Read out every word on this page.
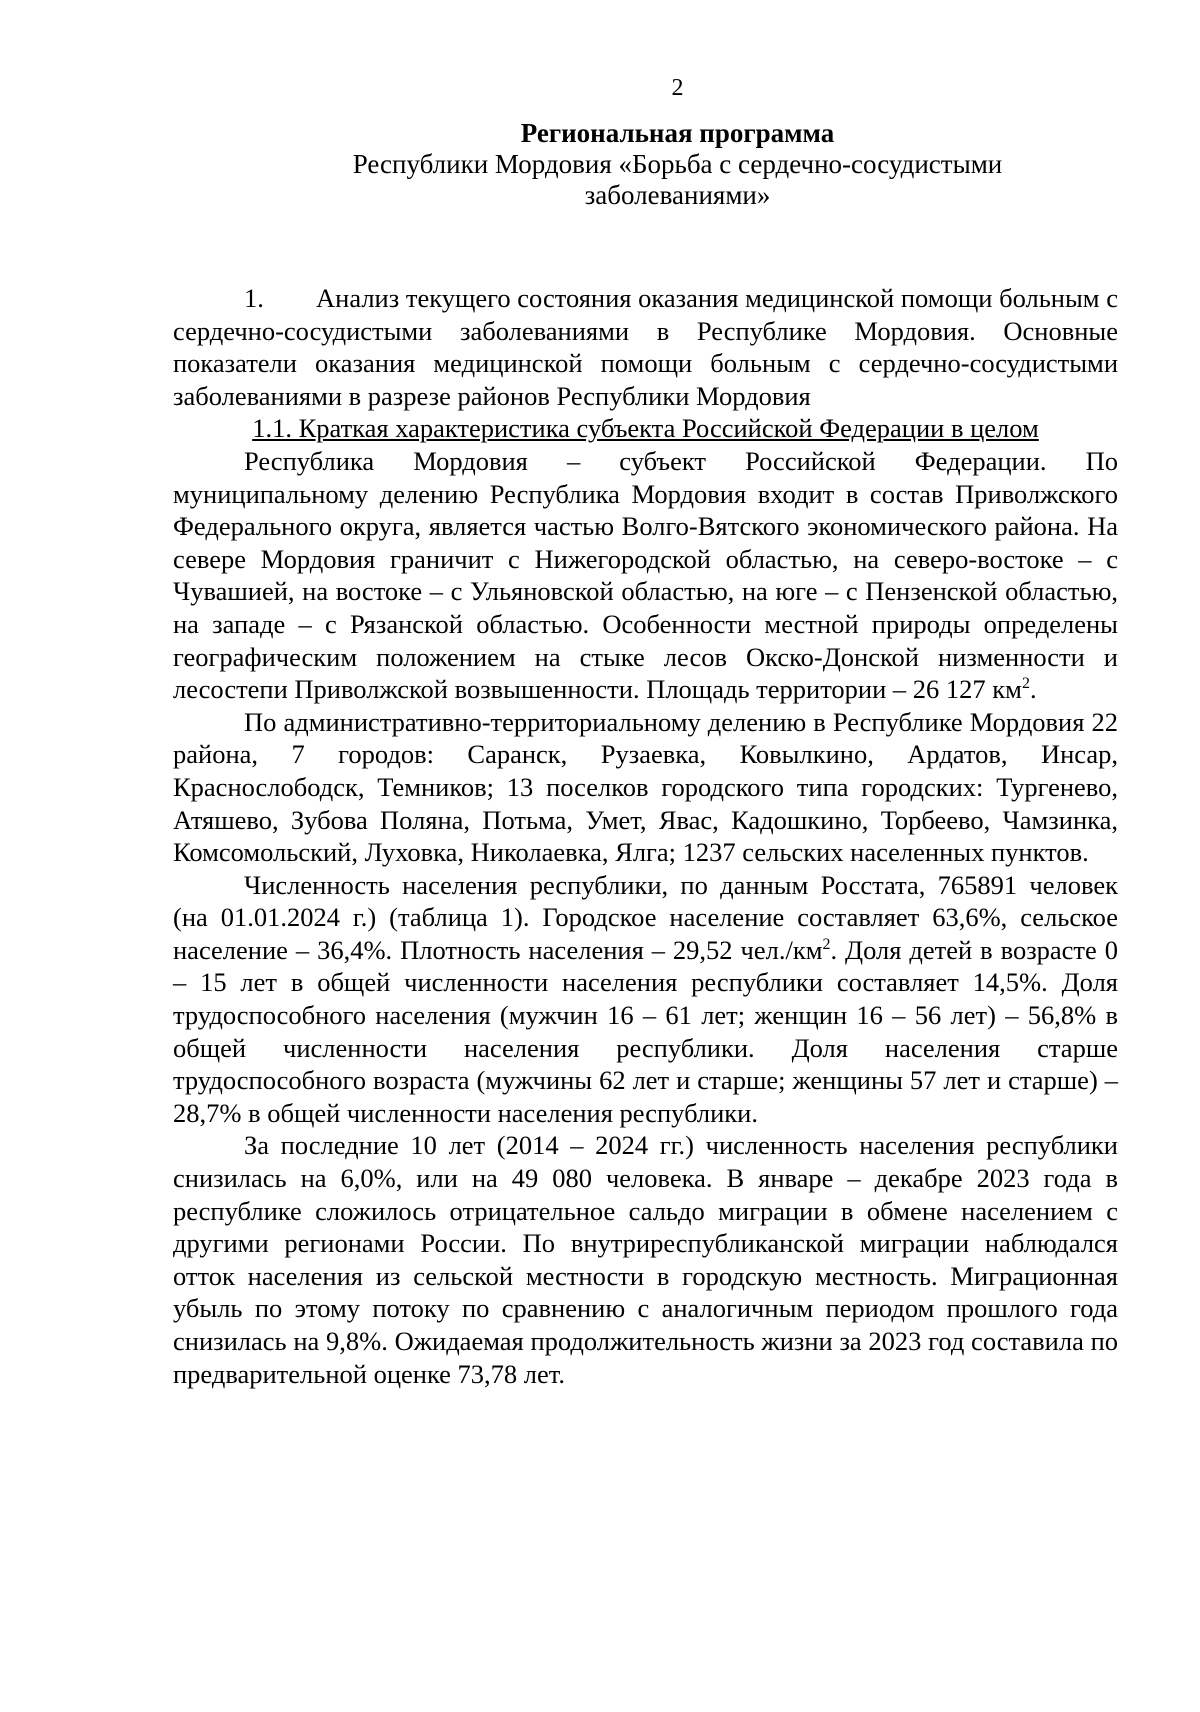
2
Региональная программа
Республики Мордовия «Борьба с сердечно-сосудистыми
заболеваниями»

1. Анализ текущего состояния оказания медицинской помощи больным с сердечно-сосудистыми заболеваниями в Республике Мордовия. Основные показатели оказания медицинской помощи больным с сердечно-сосудистыми заболеваниями в разрезе районов Республики Мордовия

1.1. Краткая характеристика субъекта Российской Федерации в целом

Республика Мордовия – субъект Российской Федерации. По муниципальному делению Республика Мордовия входит в состав Приволжского Федерального округа, является частью Волго-Вятского экономического района. На севере Мордовия граничит с Нижегородской областью, на северо-востоке – с Чувашией, на востоке – с Ульяновской областью, на юге – с Пензенской областью, на западе – с Рязанской областью. Особенности местной природы определены географическим положением на стыке лесов Окско-Донской низменности и лесостепи Приволжской возвышенности. Площадь территории – 26 127 $км^2$.

По административно-территориальному делению в Республике Мордовия 22 района, 7 городов: Саранск, Рузаевка, Ковылкино, Ардатов, Инсар, Краснослободск, Темников; 13 поселков городского типа городских: Тургенево, Атяшево, Зубова Поляна, Потьма, Умет, Явас, Кадошкино, Торбеево, Чамзинка, Комсомольский, Луховка, Николаевка, Ялга; 1237 сельских населенных пунктов.

Численность населения республики, по данным Росстата, 765891 человек (на 01.01.2024 г.) (таблица 1). Городское население составляет 63,6%, сельское население – 36,4%. Плотность населения – 29,52 $чел./км^2$. Доля детей в возрасте 0 – 15 лет в общей численности населения республики составляет 14,5%. Доля трудоспособного населения (мужчин 16 – 61 лет; женщин 16 – 56 лет) – 56,8% в общей численности населения республики. Доля населения старше трудоспособного возраста (мужчины 62 лет и старше; женщины 57 лет и старше) – 28,7% в общей численности населения республики.

За последние 10 лет (2014 – 2024 гг.) численность населения республики снизилась на 6,0%, или на 49 080 человека. В январе – декабре 2023 года в республике сложилось отрицательное сальдо миграции в обмене населением с другими регионами России. По внутриреспубликанской миграции наблюдался отток населения из сельской местности в городскую местность. Миграционная убыль по этому потоку по сравнению с аналогичным периодом прошлого года снизилась на 9,8%. Ожидаемая продолжительность жизни за 2023 год составила по предварительной оценке 73,78 лет.
